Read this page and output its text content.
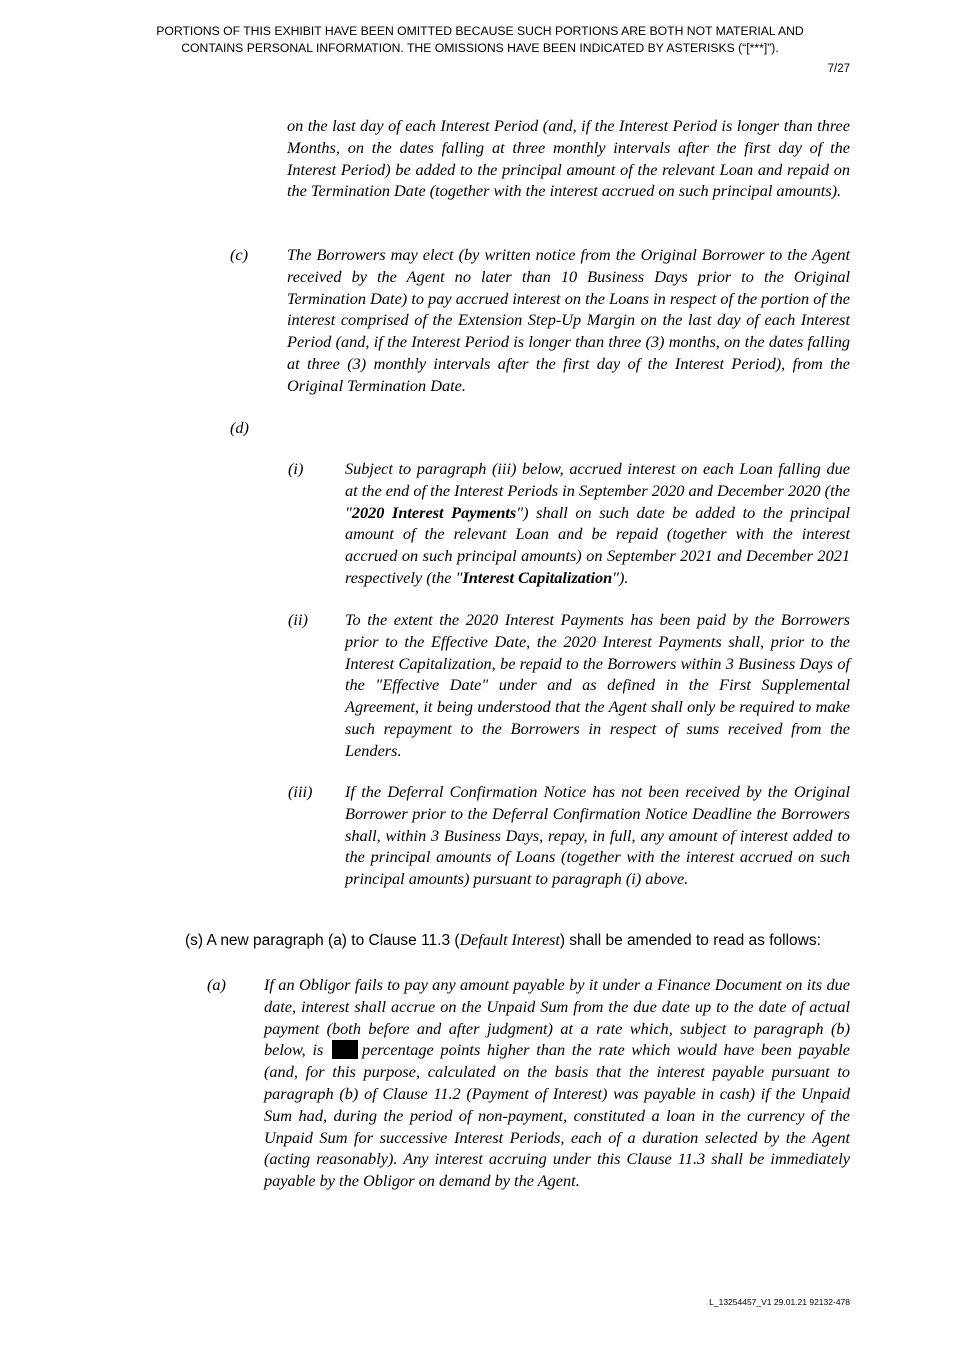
PORTIONS OF THIS EXHIBIT HAVE BEEN OMITTED BECAUSE SUCH PORTIONS ARE BOTH NOT MATERIAL AND
CONTAINS PERSONAL INFORMATION. THE OMISSIONS HAVE BEEN INDICATED BY ASTERISKS (“[***]”).
7/27

on the last day of each Interest Period (and, if the Interest Period is longer than three Months, on the dates falling at three monthly intervals after the first day of the Interest Period) be added to the principal amount of the relevant Loan and repaid on the Termination Date (together with the interest accrued on such principal amounts).

(c) The Borrowers may elect (by written notice from the Original Borrower to the Agent received by the Agent no later than 10 Business Days prior to the Original Termination Date) to pay accrued interest on the Loans in respect of the portion of the interest comprised of the Extension Step-Up Margin on the last day of each Interest Period (and, if the Interest Period is longer than three (3) months, on the dates falling at three (3) monthly intervals after the first day of the Interest Period), from the Original Termination Date.

(d)
(i)	Subject to paragraph (iii) below, accrued interest on each Loan falling due at the end of the Interest Periods in September 2020 and December 2020 (the "2020 Interest Payments") shall on such date be added to the principal amount of the relevant Loan and be repaid (together with the interest accrued on such principal amounts) on September 2021 and December 2021 respectively (the "Interest Capitalization").

(ii) To the extent the 2020 Interest Payments has been paid by the Borrowers prior to the Effective Date, the 2020 Interest Payments shall, prior to the Interest Capitalization, be repaid to the Borrowers within 3 Business Days of the "Effective Date" under and as defined in the First Supplemental Agreement, it being understood that the Agent shall only be required to make such repayment to the Borrowers in respect of sums received from the Lenders.

(iii) If the Deferral Confirmation Notice has not been received by the Original Borrower prior to the Deferral Confirmation Notice Deadline the Borrowers shall, within 3 Business Days, repay, in full, any amount of interest added to the principal amounts of Loans (together with the interest accrued on such principal amounts) pursuant to paragraph (i) above.

(s) A new paragraph (a) to Clause 11.3 (Default Interest) shall be amended to read as follows:
(a) If an Obligor fails to pay any amount payable by it under a Finance Document on its due date, interest shall accrue on the Unpaid Sum from the due date up to the date of actual payment (both before and after judgment) at a rate which, subject to paragraph (b) below, is percentage points higher than the rate which would have been payable (and, for this purpose, calculated on the basis that the interest payable pursuant to paragraph (b) of Clause 11.2 (Payment of Interest) was payable in cash) if the Unpaid Sum had, during the period of non-payment, constituted a loan in the currency of the Unpaid Sum for successive Interest Periods, each of a duration selected by the Agent (acting reasonably). Any interest accruing under this Clause 11.3 shall be immediately payable by the Obligor on demand by the Agent.

L_13254457_V1 29.01.21 92132-478
